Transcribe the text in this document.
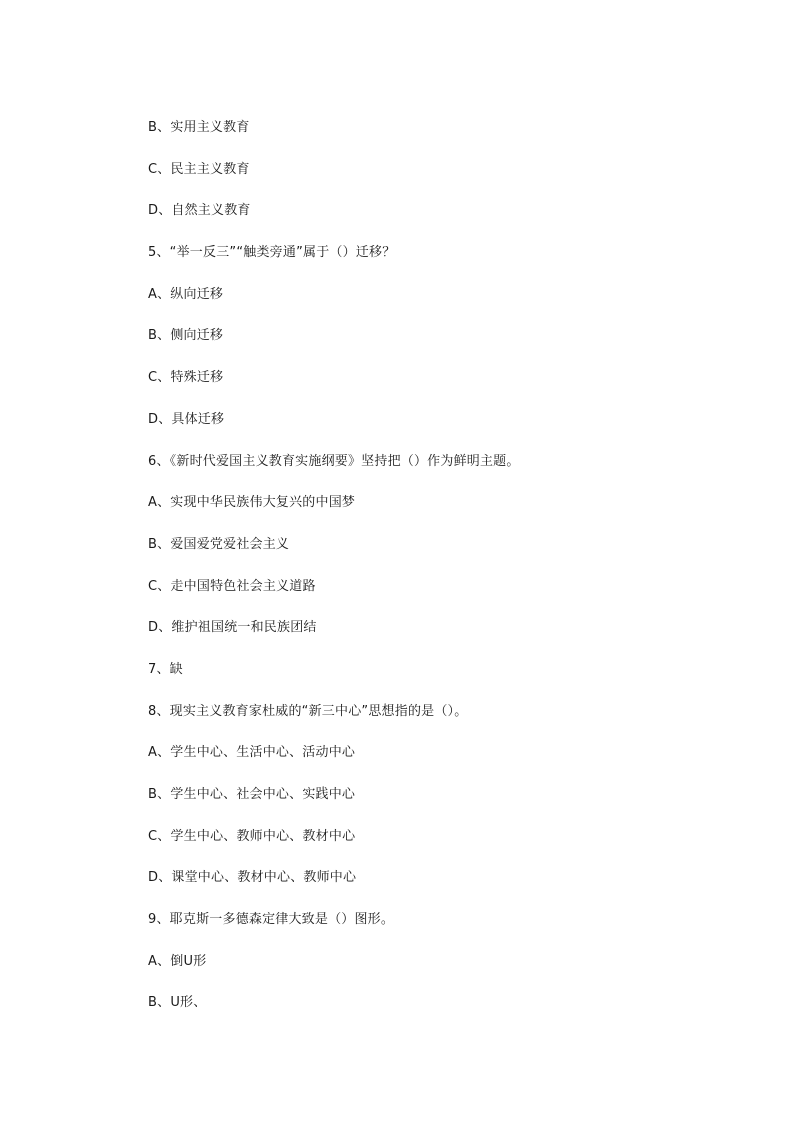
B、实用主义教育
C、民主主义教育
D、自然主义教育
5、“举一反三”“触类旁通”属于（）迁移？
A、纵向迁移
B、侧向迁移
C、特殊迁移
D、具体迁移
6、《新时代爱国主义教育实施纲要》坚持把（）作为鲜明主题。
A、实现中华民族伟大复兴的中国梦
B、爱国爱党爱社会主义
C、走中国特色社会主义道路
D、维护祖国统一和民族团结
7、缺
8、现实主义教育家杜威的“新三中心”思想指的是（）。
A、学生中心、生活中心、活动中心
B、学生中心、社会中心、实践中心
C、学生中心、教师中心、教材中心
D、课堂中心、教材中心、教师中心
9、耶克斯一多德森定律大致是（）图形。
A、倒U形
B、U形、
